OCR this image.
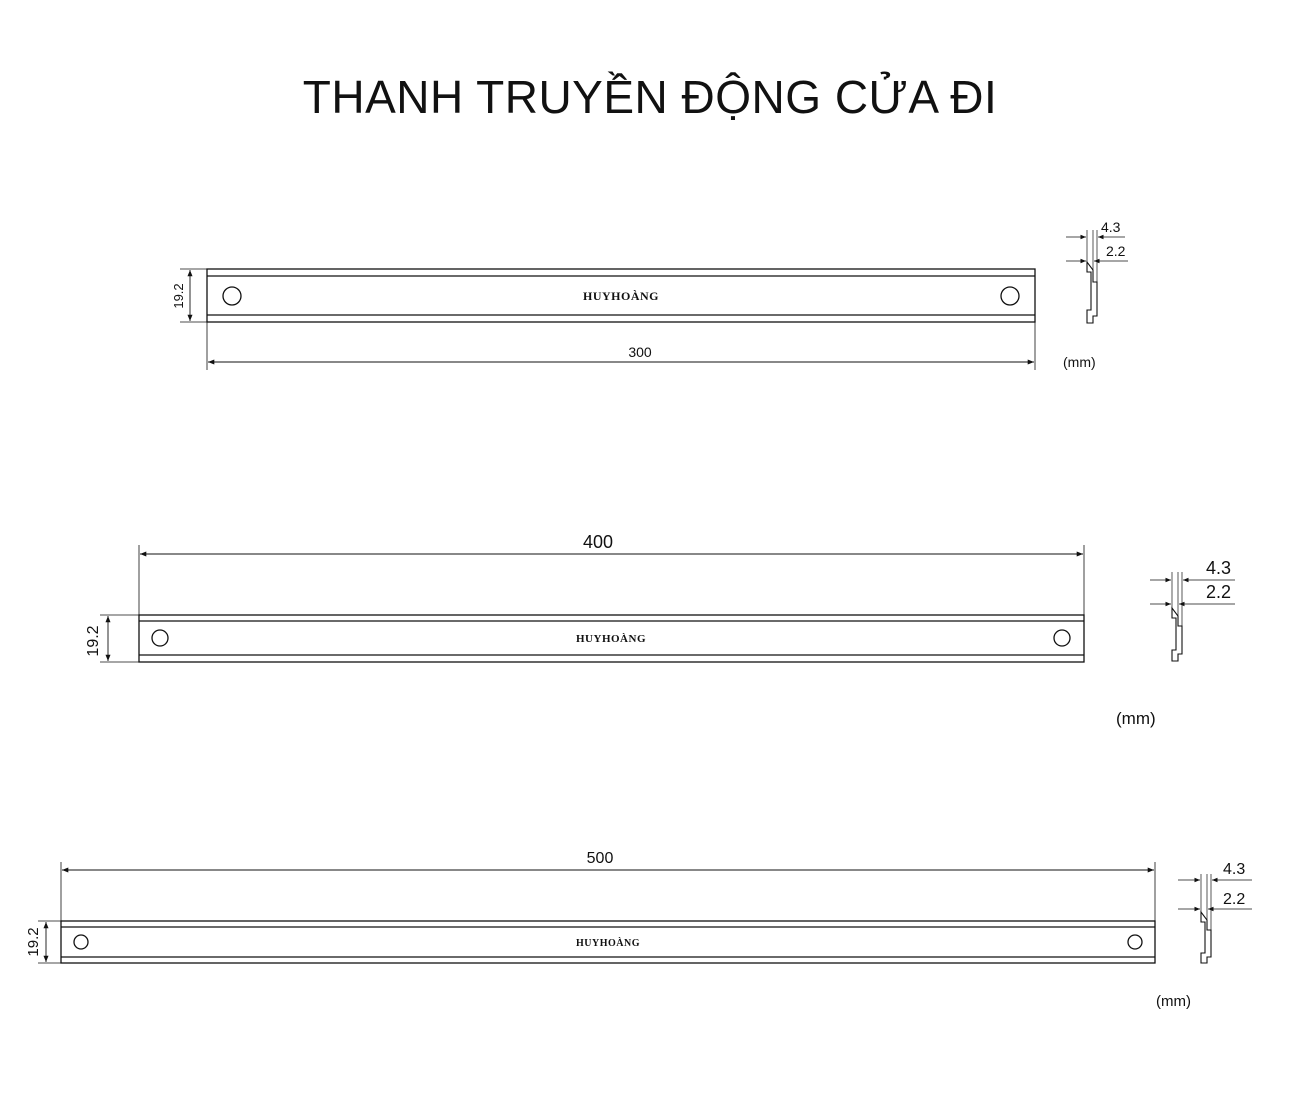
THANH TRUYỀN ĐỘNG CỬA ĐI
HUYHOÀNG
19.2
300
4.3
2.2
(mm)
HUYHOÀNG
19.2
400
4.3
2.2
(mm)
HUYHOÀNG
19.2
500
4.3
2.2
(mm)
